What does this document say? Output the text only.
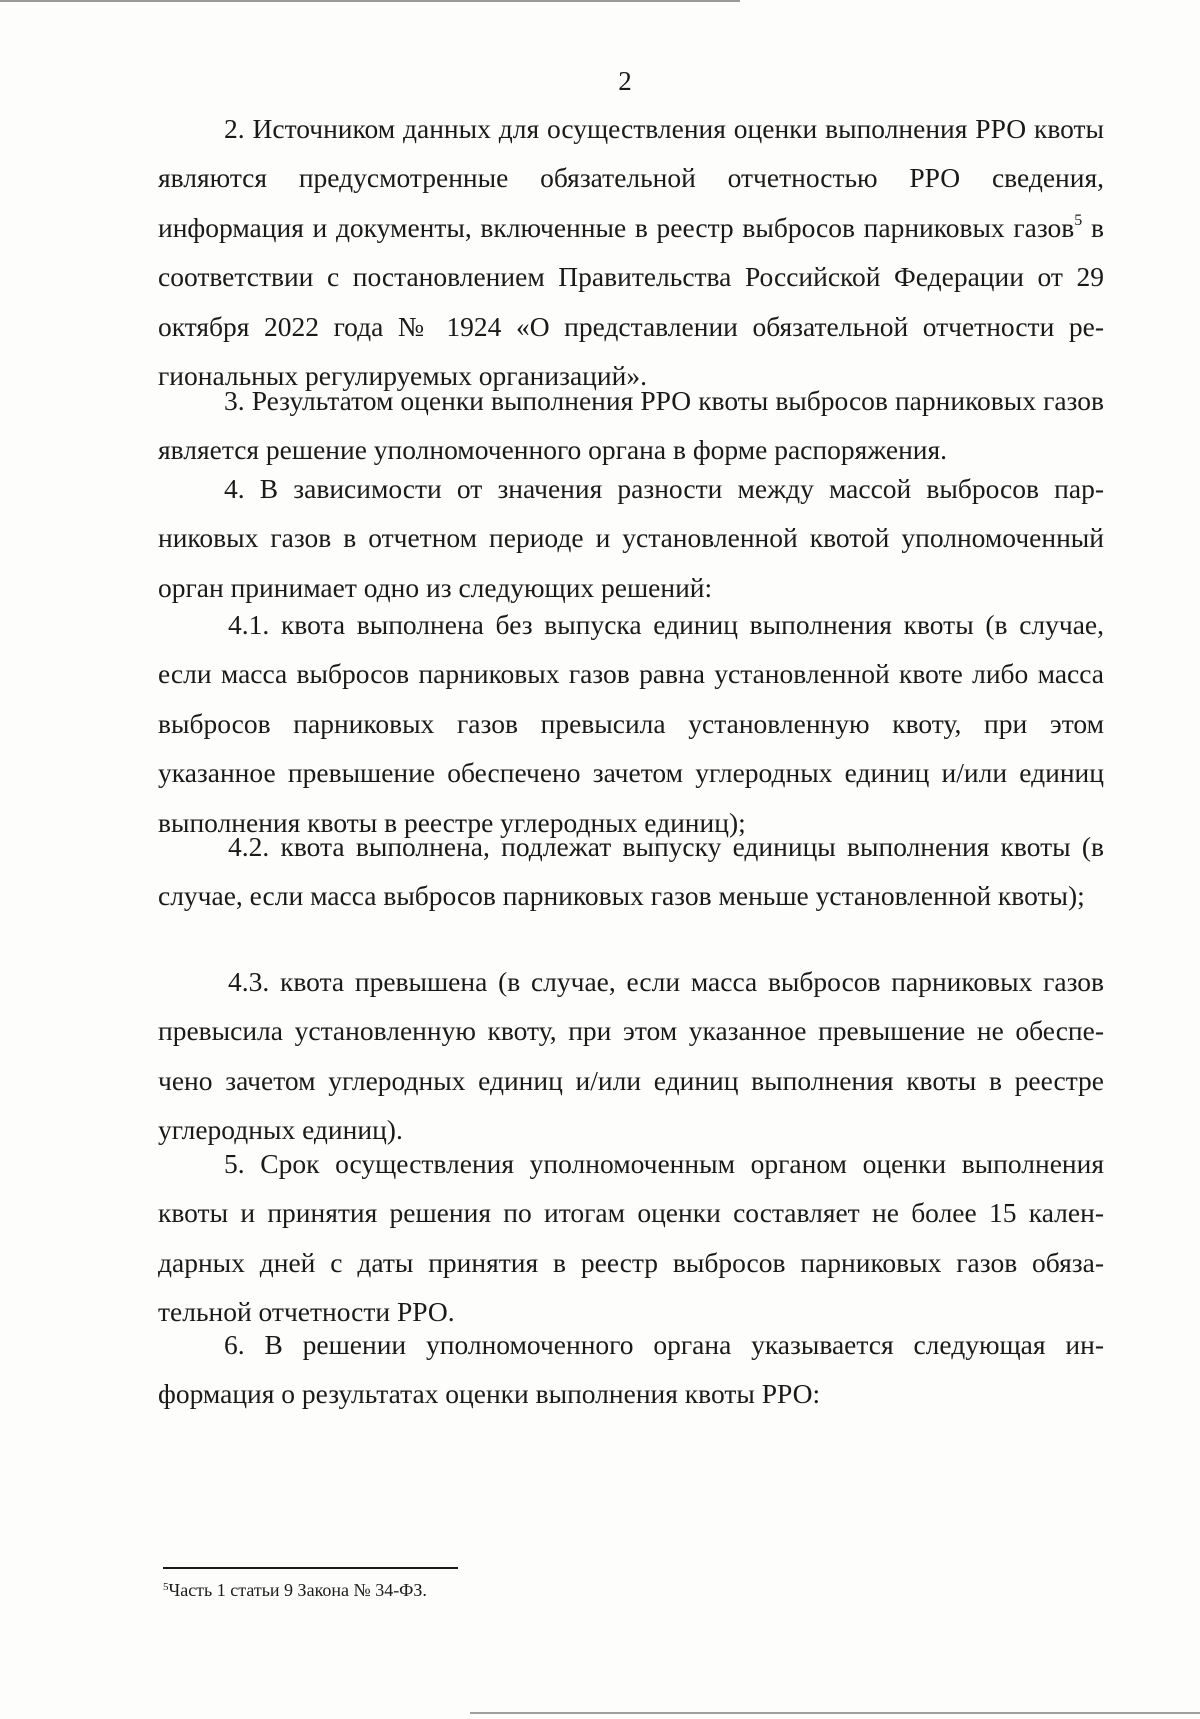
2

2. Источником данных для осуществления оценки выполнения РРО квоты являются предусмотренные обязательной отчетностью РРО сведения, информация и документы, включенные в реестр выбросов парниковых газов$^5$ в соответствии с постановлением Правительства Российской Федерации от 29 октября 2022 года № 1924 «О представлении обязательной отчетности региональных регулируемых организаций».

3. Результатом оценки выполнения РРО квоты выбросов парниковых газов является решение уполномоченного органа в форме распоряжения.

4. В зависимости от значения разности между массой выбросов парниковых газов в отчетном периоде и установленной квотой уполномоченный орган принимает одно из следующих решений:

4.1. квота выполнена без выпуска единиц выполнения квоты (в случае, если масса выбросов парниковых газов равна установленной квоте либо масса выбросов парниковых газов превысила установленную квоту, при этом указанное превышение обеспечено зачетом углеродных единиц и/или единиц выполнения квоты в реестре углеродных единиц);

4.2. квота выполнена, подлежат выпуску единицы выполнения квоты (в случае, если масса выбросов парниковых газов меньше установленной квоты);

4.3. квота превышена (в случае, если масса выбросов парниковых газов превысила установленную квоту, при этом указанное превышение не обеспечено зачетом углеродных единиц и/или единиц выполнения квоты в реестре углеродных единиц).

5. Срок осуществления уполномоченным органом оценки выполнения квоты и принятия решения по итогам оценки составляет не более 15 календарных дней с даты принятия в реестр выбросов парниковых газов обязательной отчетности РРО.

6. В решении уполномоченного органа указывается следующая информация о результатах оценки выполнения квоты РРО:

$^5$Часть 1 статьи 9 Закона № 34-ФЗ.
